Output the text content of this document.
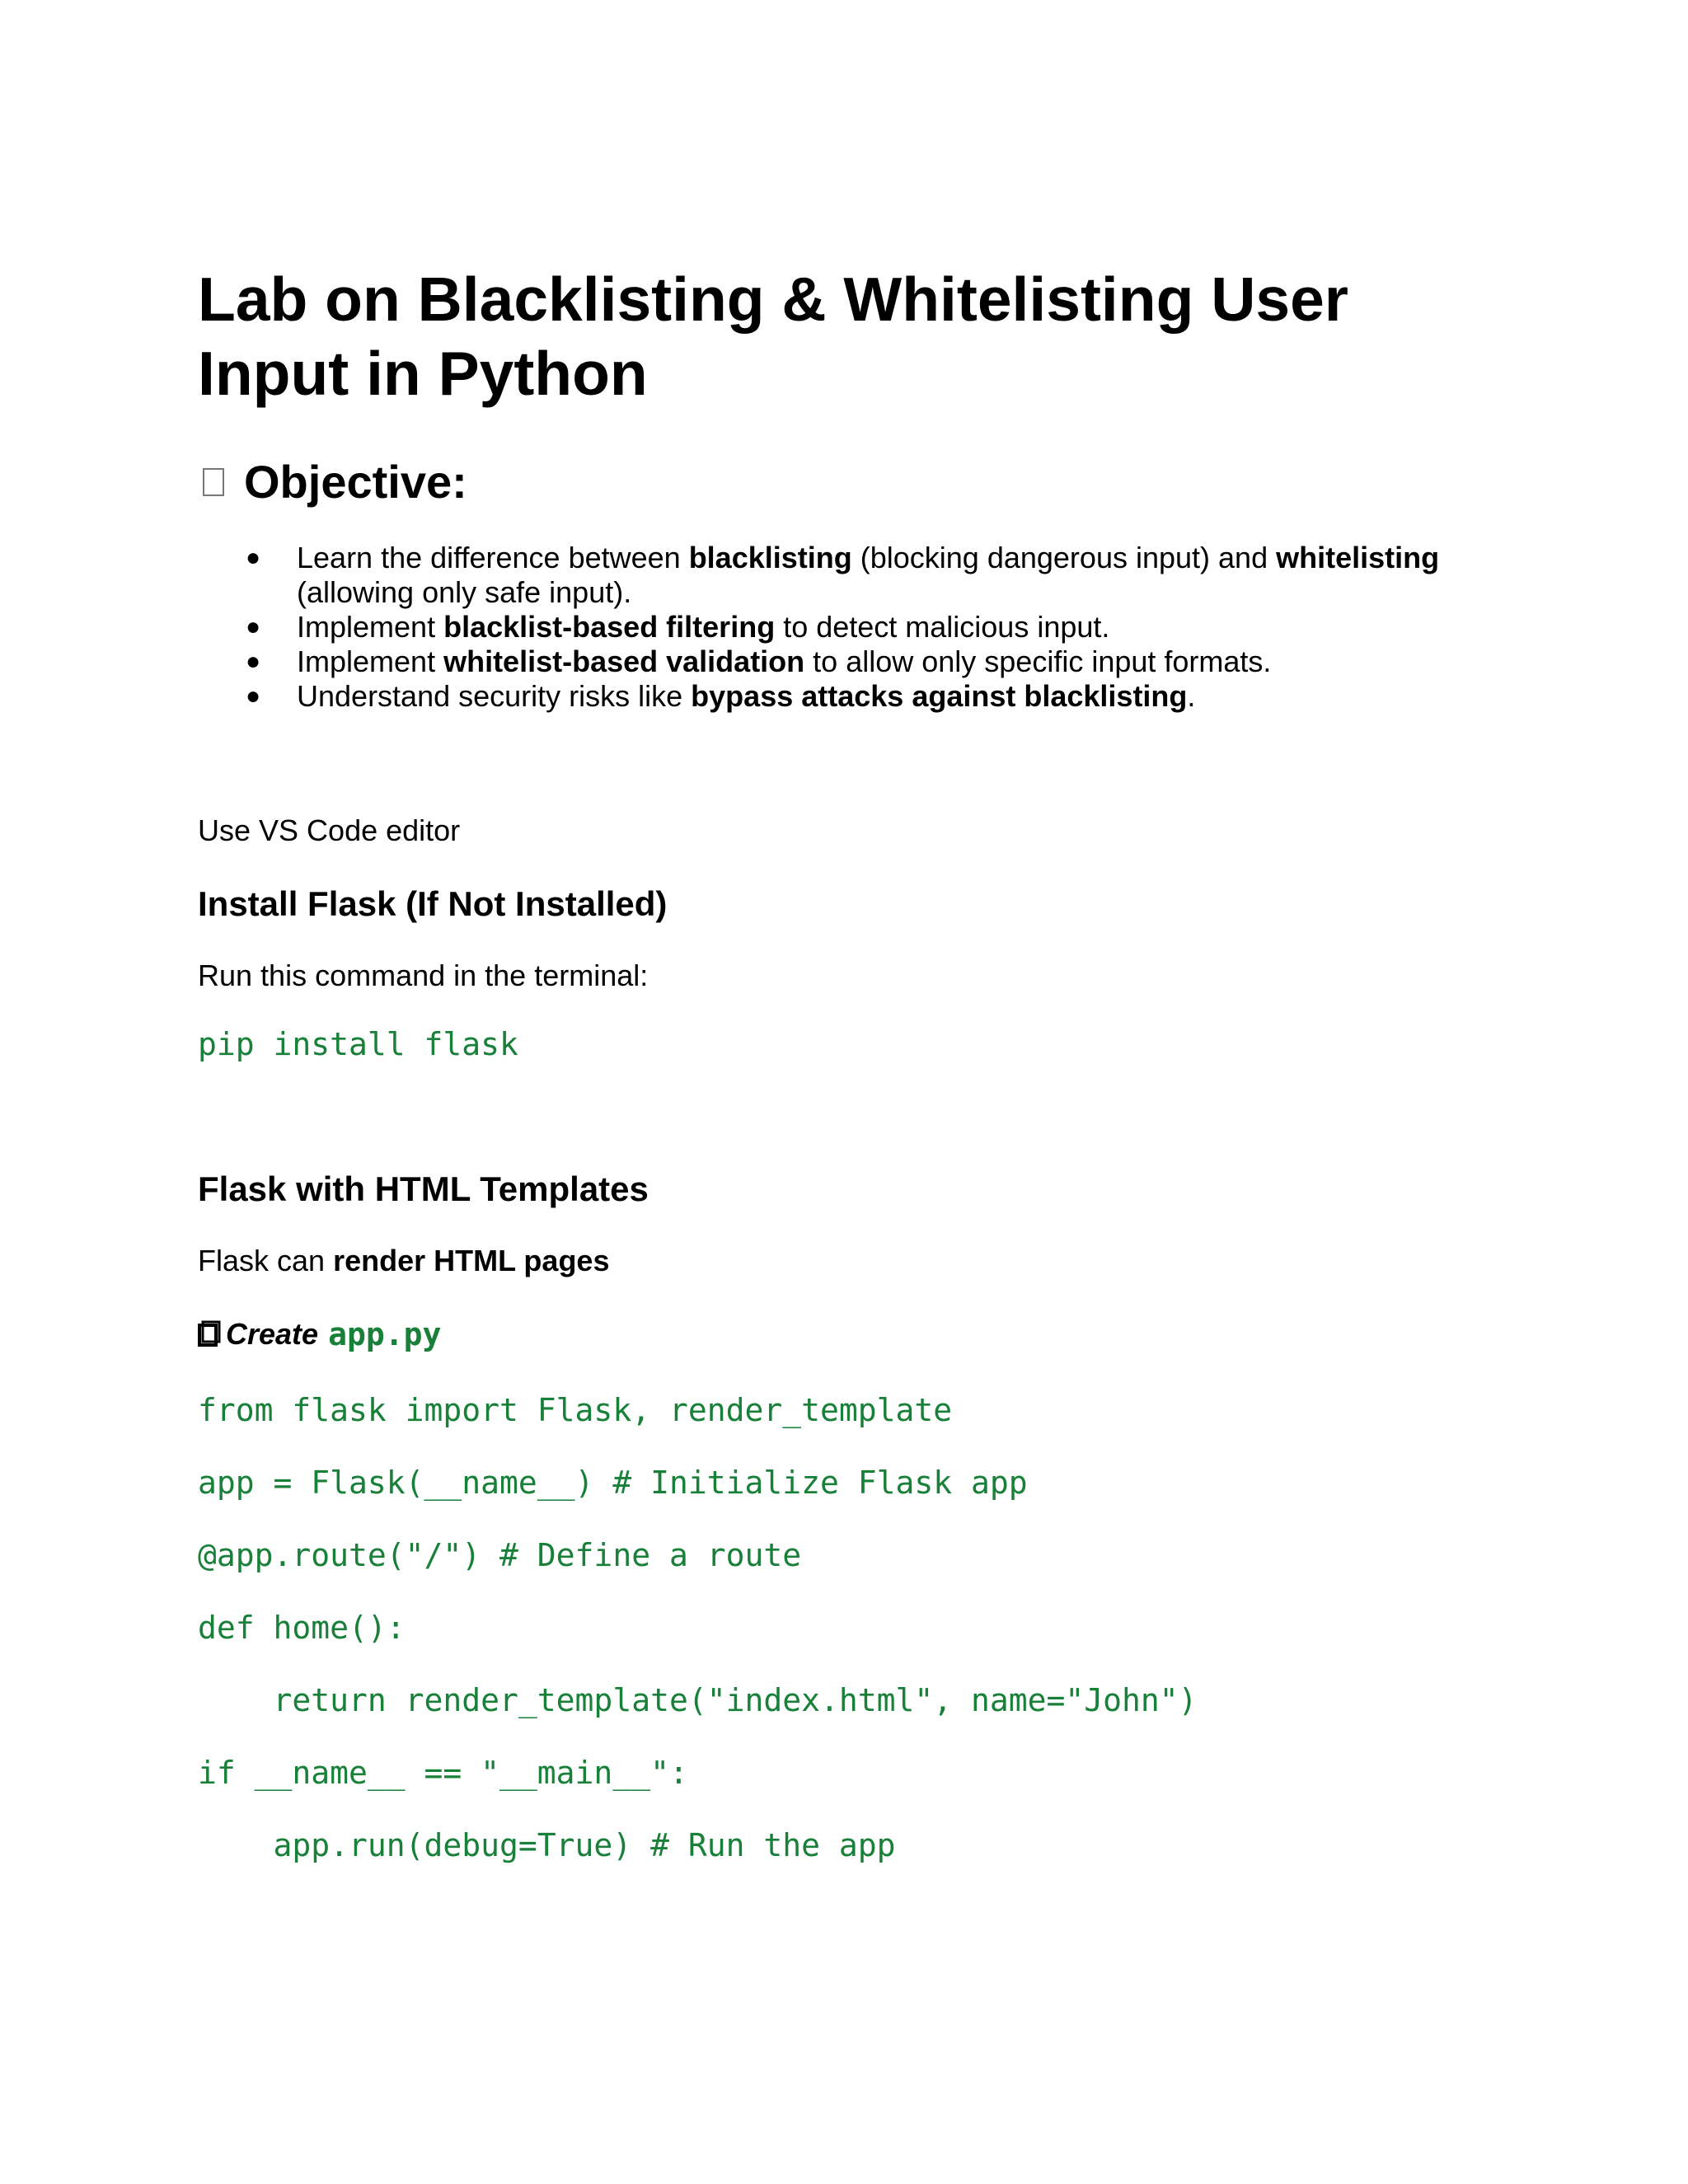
Lab on Blacklisting & Whitelisting User Input in Python
Objective:
● Learn the difference between blacklisting (blocking dangerous input) and whitelisting (allowing only safe input).
● Implement blacklist-based filtering to detect malicious input.
● Implement whitelist-based validation to allow only specific input formats.
● Understand security risks like bypass attacks against blacklisting.

Use VS Code editor

Install Flask (If Not Installed)

Run this command in the terminal:

pip install flask

Flask with HTML Templates

Flask can render HTML pages

Create app.py

from flask import Flask, render_template

app = Flask(__name__) # Initialize Flask app

@app.route("/") # Define a route

def home():

return render_template("index.html", name="John")

if __name__ == "__main__":

app.run(debug=True) # Run the app
